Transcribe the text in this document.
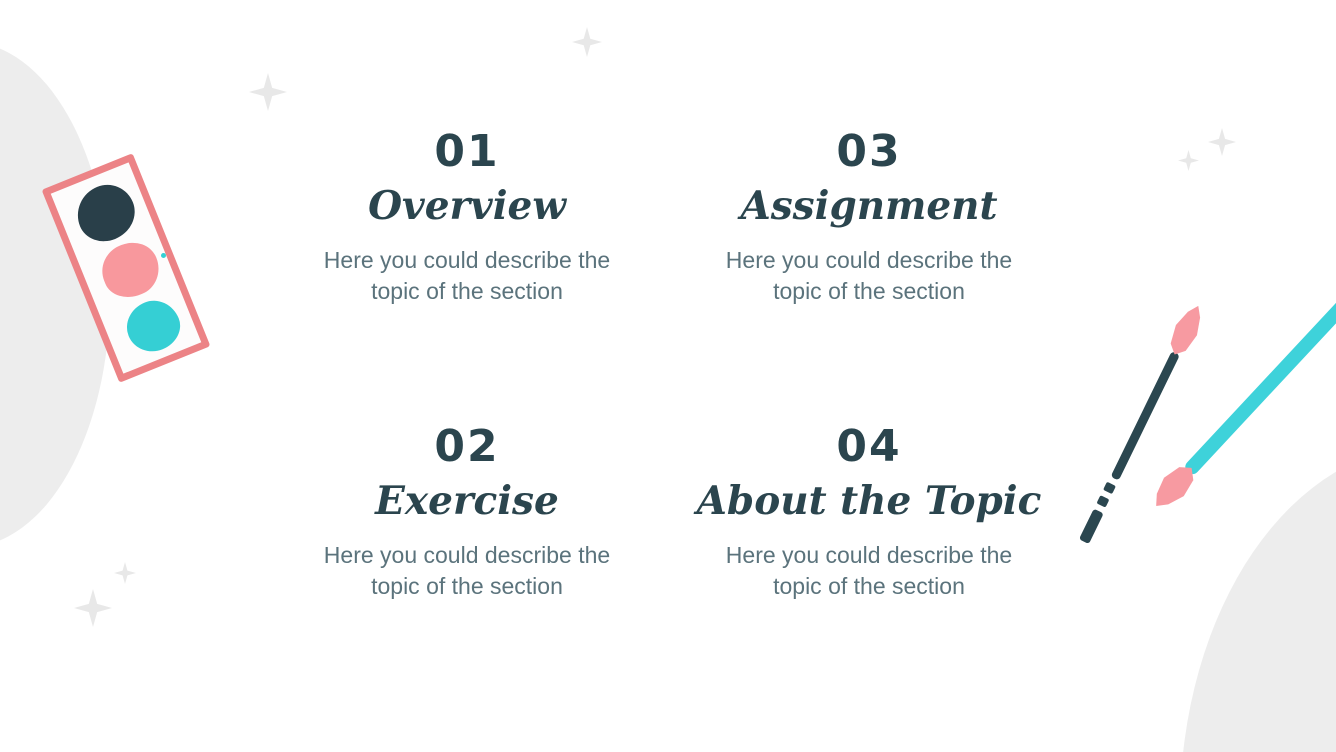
01
Overview

Here you could describe the topic of the section

03
Assignment

Here you could describe the topic of the section

02
Exercise

Here you could describe the topic of the section

04
About the Topic

Here you could describe the topic of the section
